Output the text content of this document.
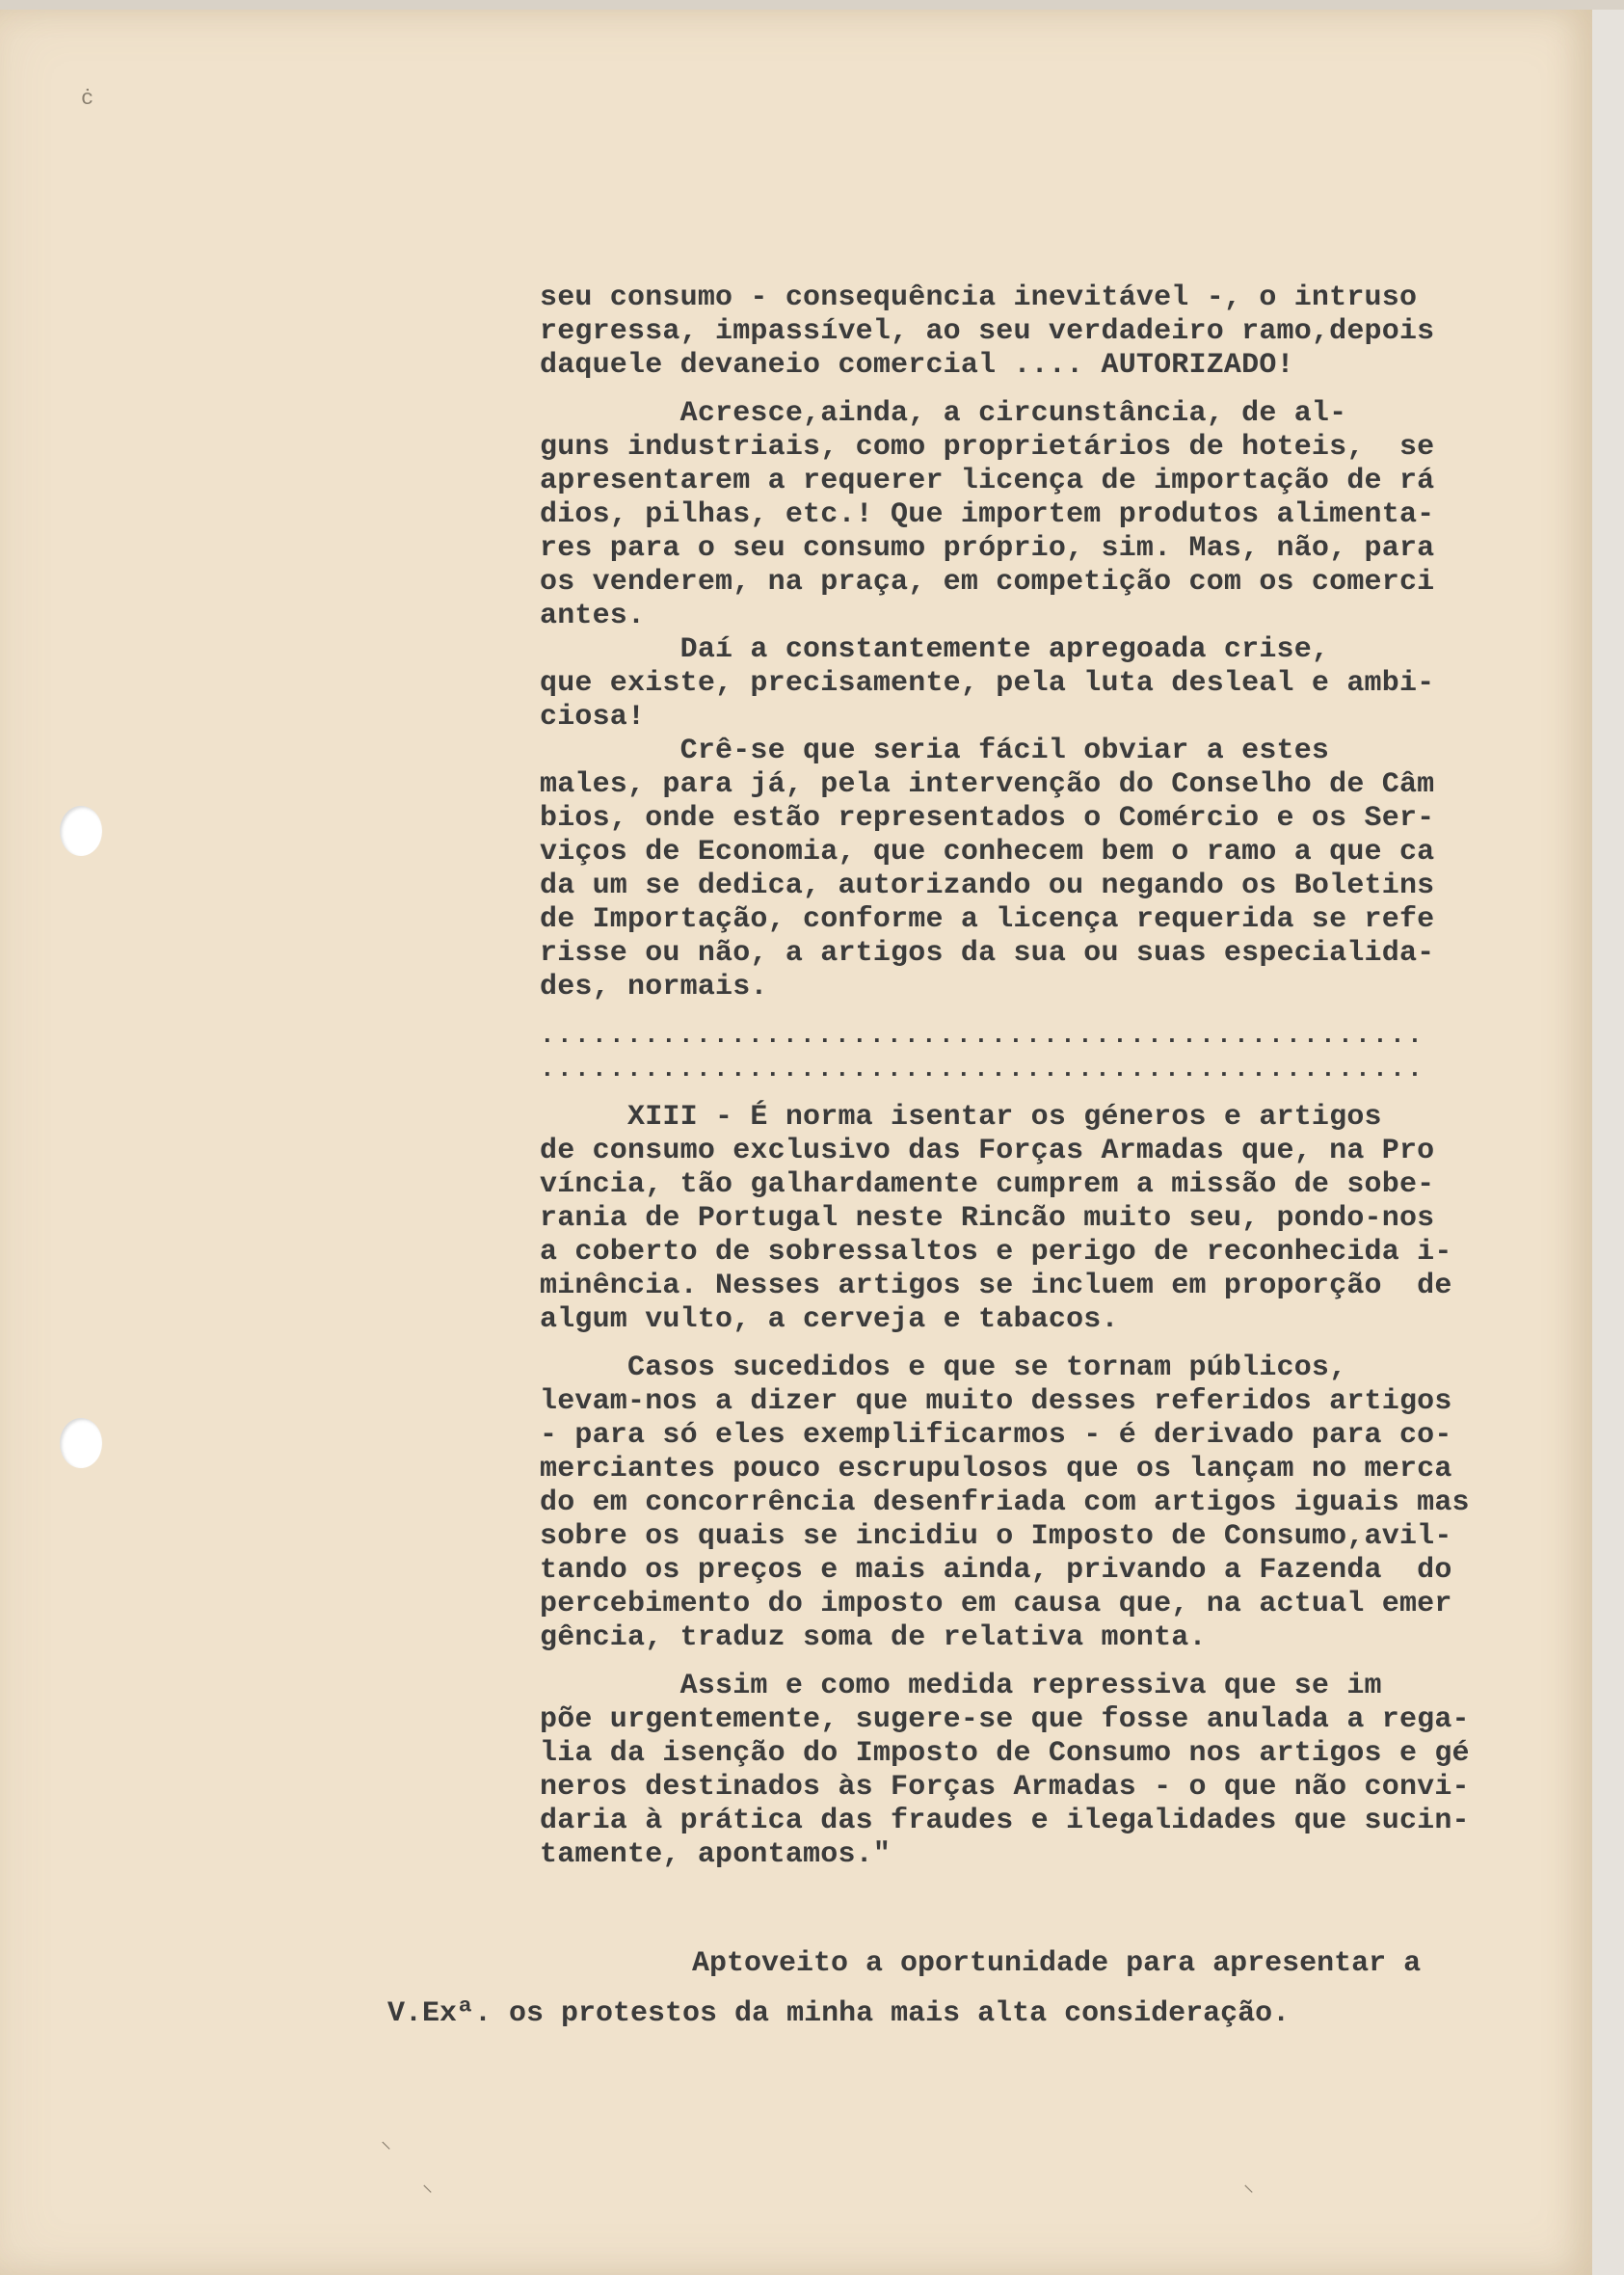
ċ
seu consumo - consequência inevitável -, o intruso
regressa, impassível, ao seu verdadeiro ramo,depois
daquele devaneio comercial .... AUTORIZADO!
Acresce,ainda, a circunstância, de al-
guns industriais, como proprietários de hoteis,  se
apresentarem a requerer licença de importação de rá
dios, pilhas, etc.! Que importem produtos alimenta-
res para o seu consumo próprio, sim. Mas, não, para
os venderem, na praça, em competição com os comerci
antes.
Daí a constantemente apregoada crise,
que existe, precisamente, pela luta desleal e ambi-
ciosa!
Crê-se que seria fácil obviar a estes
males, para já, pela intervenção do Conselho de Câm
bios, onde estão representados o Comércio e os Ser-
viços de Economia, que conhecem bem o ramo a que ca
da um se dedica, autorizando ou negando os Boletins
de Importação, conforme a licença requerida se refe
risse ou não, a artigos da sua ou suas especialida-
des, normais.
...................................................
...................................................
XIII - É norma isentar os géneros e artigos
de consumo exclusivo das Forças Armadas que, na Pro
víncia, tão galhardamente cumprem a missão de sobe-
rania de Portugal neste Rincão muito seu, pondo-nos
a coberto de sobressaltos e perigo de reconhecida i-
minência. Nesses artigos se incluem em proporção  de
algum vulto, a cerveja e tabacos.
Casos sucedidos e que se tornam públicos,
levam-nos a dizer que muito desses referidos artigos
- para só eles exemplificarmos - é derivado para co-
merciantes pouco escrupulosos que os lançam no merca
do em concorrência desenfriada com artigos iguais mas
sobre os quais se incidiu o Imposto de Consumo,avil-
tando os preços e mais ainda, privando a Fazenda  do
percebimento do imposto em causa que, na actual emer
gência, traduz soma de relativa monta.
Assim e como medida repressiva que se im
põe urgentemente, sugere-se que fosse anulada a rega-
lia da isenção do Imposto de Consumo nos artigos e gé
neros destinados às Forças Armadas - o que não convi-
daria à prática das fraudes e ilegalidades que sucin-
tamente, apontamos."
Aptoveito a oportunidade para apresentar a
V.Exª. os protestos da minha mais alta consideração.
⸜
⸜	⸜
